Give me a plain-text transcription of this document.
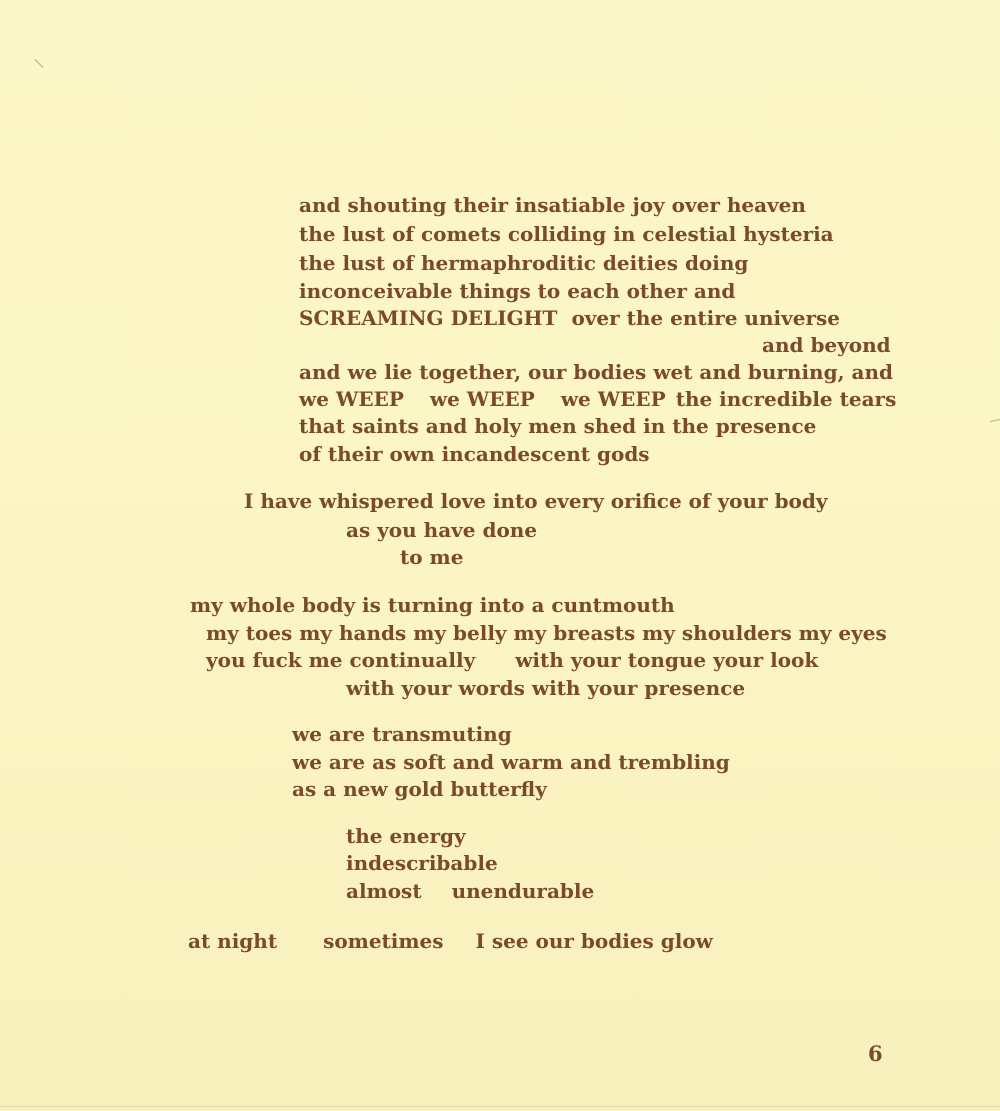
and shouting their insatiable joy over heaven

the lust of comets colliding in celestial hysteria

the lust of hermaphroditic deities doing

inconceivable things to each other and

SCREAMING DELIGHT over the entire universe

and beyond

and we lie together, our bodies wet and burning, and

we WEEP we WEEP we WEEP the incredible tears

that saints and holy men shed in the presence

of their own incandescent gods

I have whispered love into every orifice of your body

as you have done

to me

my whole body is turning into a cuntmouth

my toes my hands my belly my breasts my shoulders my eyes

you fuck me continually with your tongue your look

with your words with your presence

we are transmuting

we are as soft and warm and trembling

as a new gold butterfly

the energy

indescribable

almost unendurable

at night sometimes I see our bodies glow

6
